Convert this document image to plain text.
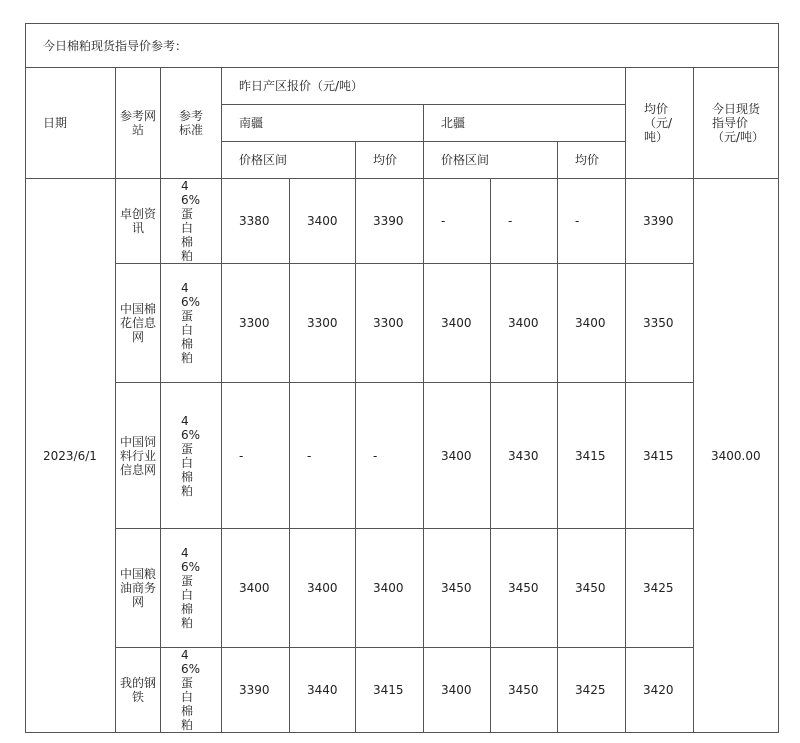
今日棉粕现货指导价参考：										
日期	参考网站	参考标准	昨日产区报价（元/吨）						均价（元/吨）	今日现货指导价（元/吨）
			南疆			北疆				
			价格区间		均价	价格区间		均价		
2023/6/1	卓创资讯	46%蛋白棉粕	3380	3400	3390	-	-	-	3390	3400.00
	中国棉花信息网	46%蛋白棉粕	3300	3300	3300	3400	3400	3400	3350	
	中国饲料行业信息网	46%蛋白棉粕	-	-	-	3400	3430	3415	3415	
	中国粮油商务网	46%蛋白棉粕	3400	3400	3400	3450	3450	3450	3425	
	我的钢铁	46%蛋白棉粕	3390	3440	3415	3400	3450	3425	3420	
